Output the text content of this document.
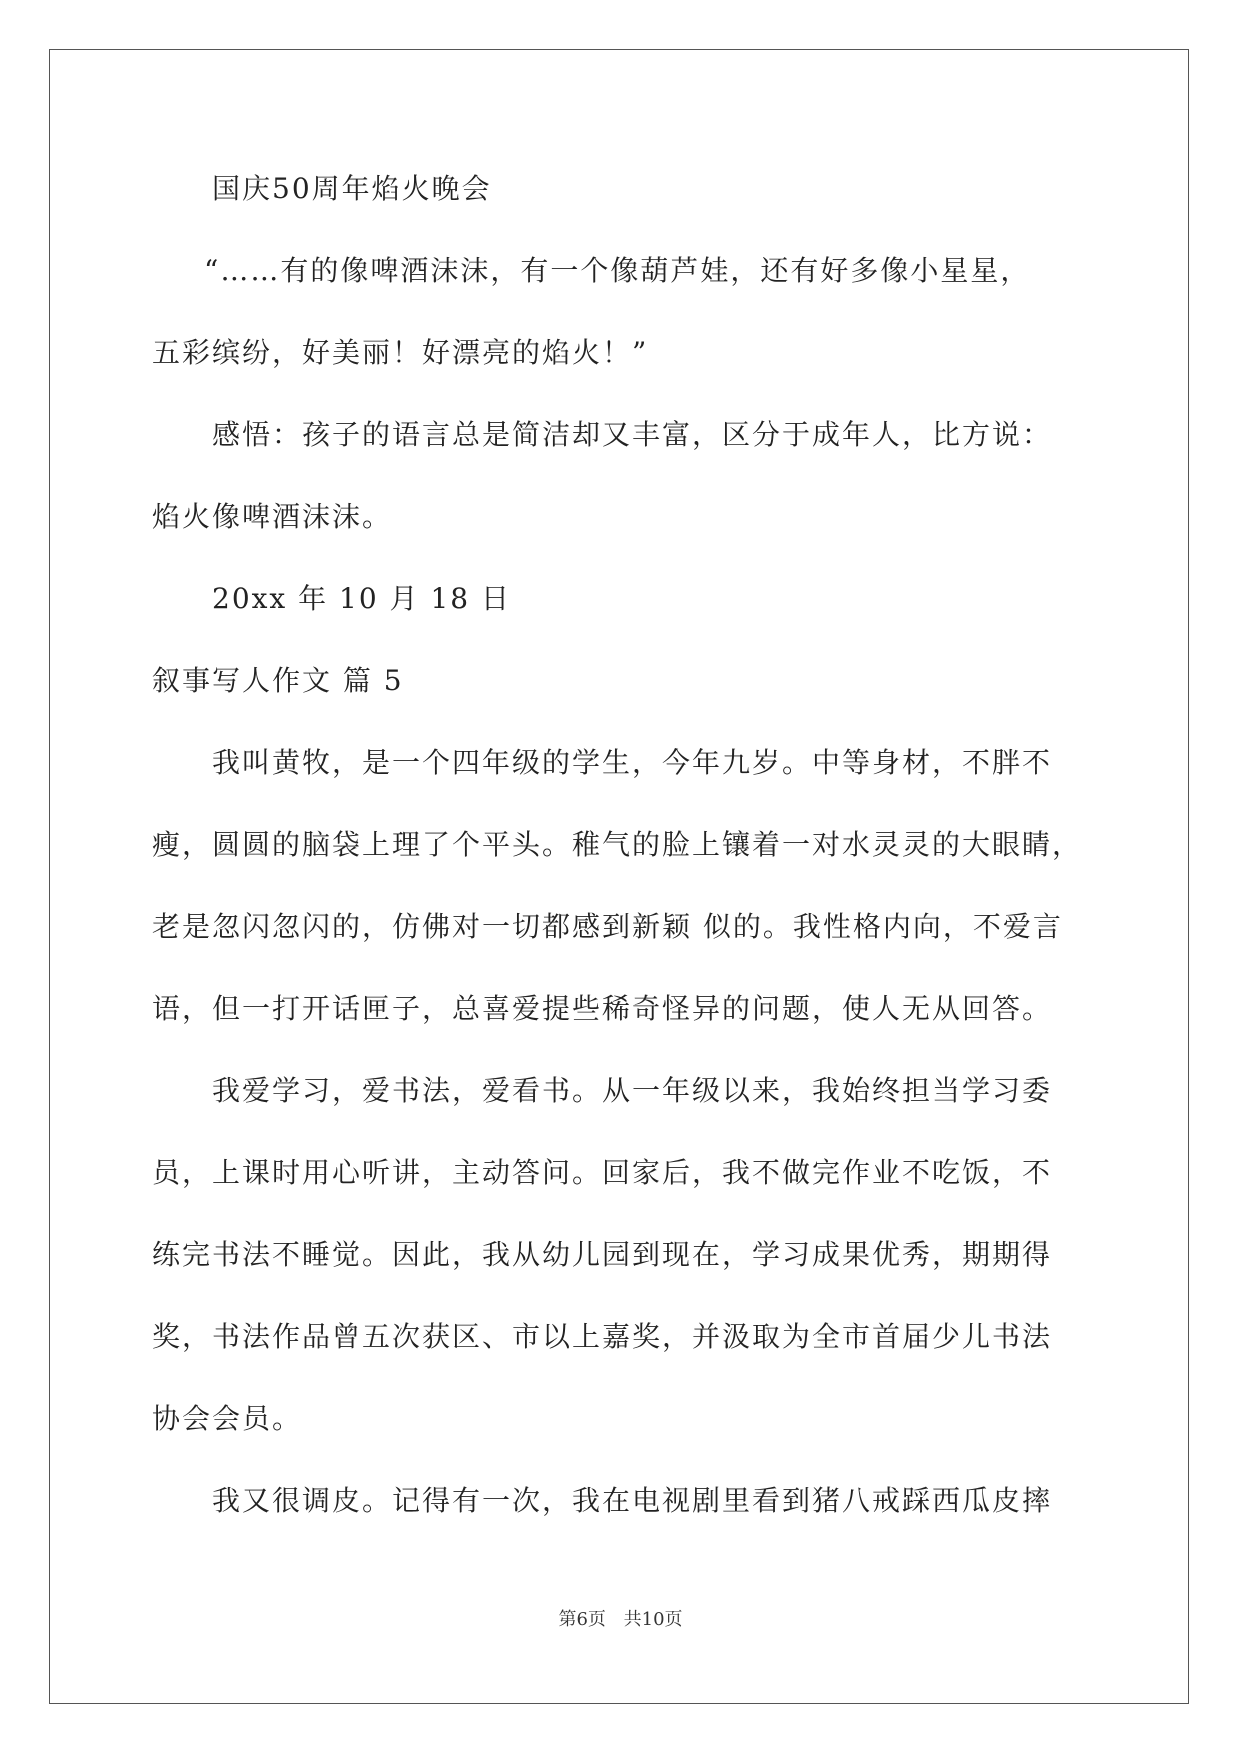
国庆50周年焰火晚会
“……有的像啤酒沫沫，有一个像葫芦娃，还有好多像小星星，
五彩缤纷，好美丽！好漂亮的焰火！”
感悟：孩子的语言总是简洁却又丰富，区分于成年人，比方说：
焰火像啤酒沫沫。
20xx 年 10 月 18 日
叙事写人作文 篇 5
我叫黄牧，是一个四年级的学生，今年九岁。中等身材，不胖不
瘦，圆圆的脑袋上理了个平头。稚气的脸上镶着一对水灵灵的大眼睛，
老是忽闪忽闪的，仿佛对一切都感到新颖 似的。我性格内向，不爱言
语，但一打开话匣子，总喜爱提些稀奇怪异的问题，使人无从回答。
我爱学习，爱书法，爱看书。从一年级以来，我始终担当学习委
员，上课时用心听讲，主动答问。回家后，我不做完作业不吃饭，不
练完书法不睡觉。因此，我从幼儿园到现在，学习成果优秀，期期得
奖，书法作品曾五次获区、市以上嘉奖，并汲取为全市首届少儿书法
协会会员。
我又很调皮。记得有一次，我在电视剧里看到猪八戒踩西瓜皮摔
第6页 共10页
